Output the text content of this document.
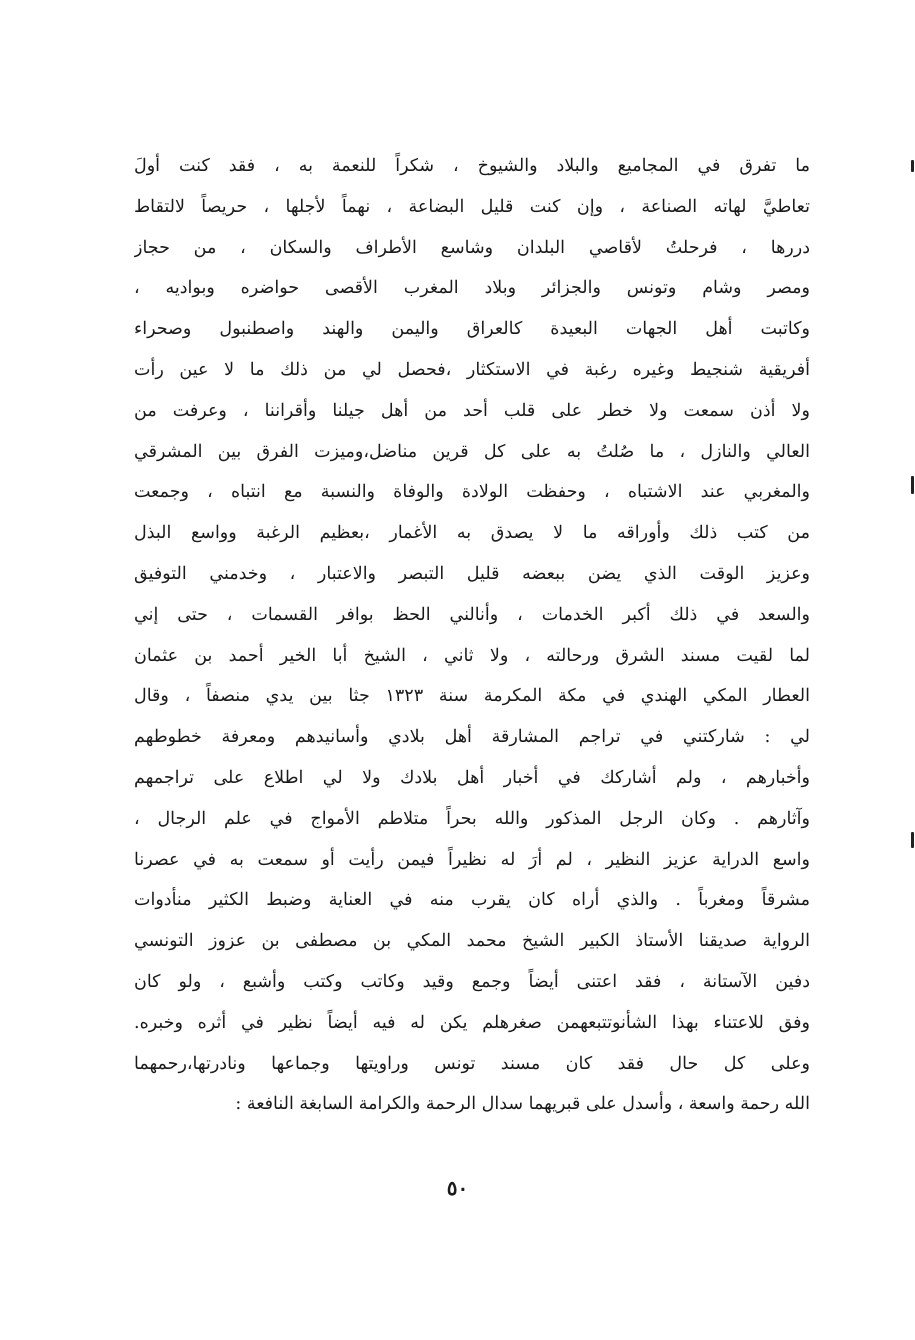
ما تفرق في المجاميع والبلاد والشيوخ ، شكراً للنعمة به ، فقد كنت أولَ
تعاطيَّ لهاته الصناعة ، وإن كنت قليل البضاعة ، نهماً لأجلها ، حريصاً لالتقاط
دررها ، فرحلتُ لأقاصي البلدان وشاسع الأطراف والسكان ، من حجاز
ومصر وشام وتونس والجزائر وبلاد المغرب الأقصى حواضره وبواديه ،
وكاتبت أهل الجهات البعيدة كالعراق واليمن والهند واصطنبول وصحراء
أفريقية شنجيط وغيره رغبة في الاستكثار ،فحصل لي من ذلك ما لا عين رأت
ولا أذن سمعت ولا خطر على قلب أحد من أهل جيلنا وأقراننا ، وعرفت من
العالي والنازل ، ما صُلتُ به على كل قرين مناضل،وميزت الفرق بين المشرقي
والمغربي عند الاشتباه ، وحفظت الولادة والوفاة والنسبة مع انتباه ، وجمعت
من كتب ذلك وأوراقه ما لا يصدق به الأغمار ،بعظيم الرغبة وواسع البذل
وعزيز الوقت الذي يضن ببعضه قليل التبصر والاعتبار ، وخدمني التوفيق
والسعد في ذلك أكبر الخدمات ، وأنالني الحظ بوافر القسمات ، حتى إني
لما لقيت مسند الشرق ورحالته ، ولا ثاني ، الشيخ أبا الخير أحمد بن عثمان
العطار المكي الهندي في مكة المكرمة سنة ١٣٢٣ جثا بين يدي منصفاً ، وقال
لي : شاركتني في تراجم المشارقة أهل بلادي وأسانيدهم ومعرفة خطوطهم
وأخبارهم ، ولم أشاركك في أخبار أهل بلادك ولا لي اطلاع على تراجمهم
وآثارهم . وكان الرجل المذكور والله بحراً متلاطم الأمواج في علم الرجال ،
واسع الدراية عزيز النظير ، لم أرَ له نظيراً فيمن رأيت أو سمعت به في عصرنا
مشرقاً ومغرباً . والذي أراه كان يقرب منه في العناية وضبط الكثير منأدوات
الرواية صديقنا الأستاذ الكبير الشيخ محمد المكي بن مصطفى بن عزوز التونسي
دفين الآستانة ، فقد اعتنى أيضاً وجمع وقيد وكاتب وكتب وأشبع ، ولو كان
وفق للاعتناء بهذا الشأنوتتبعهمن صغرهلم يكن له فيه أيضاً نظير في أثره وخبره.
وعلى كل حال فقد كان مسند تونس وراويتها وجماعها ونادرتها،رحمهما
الله رحمة واسعة ، وأسدل على قبريهما سدال الرحمة والكرامة السابغة النافعة :
٥٠
